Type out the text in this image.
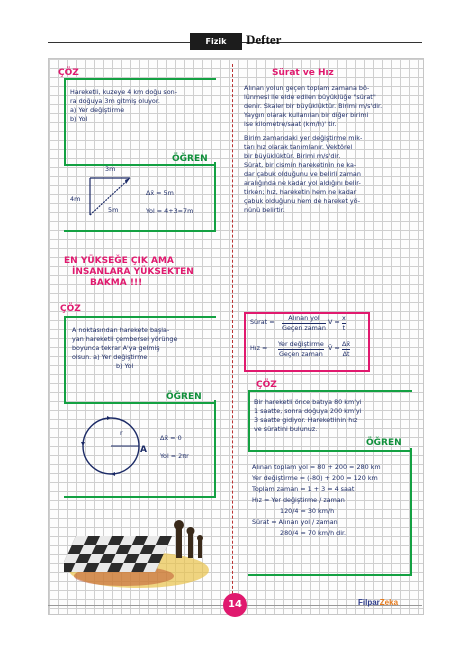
Fizik	Defter
ÇÖZ
Hareketli, kuzeye 4 km doğu son-
ra doğuya 3m gitmiş oluyor.
a) Yer değiştirme
b) Yol
ÖĞREN
3m
4m
5m
Δx̄ = 5m
Yol = 4+3=7m
EN YÜKSEĞE ÇIK AMA
İNSANLARA YÜKSEKTEN
BAKMA !!!
ÇÖZ
A noktasından harekete başla-
yan hareketli çembersel yörünge
boyunca tekrar A'ya gelmiş
olsun. a) Yer değiştirme
b) Yol
ÖĞREN
r
A
Δx̄ = 0
Yol = 2πr
Sürat ve Hız
Alınan yolun geçen toplam zamana bö-
lünmesi ile elde edilen büyüklüğe "sürat"
denir. Skaler bir büyüklüktür. Birimi m/s'dir.
Yaygın olarak kullanılan bir diğer birimi
ise kilometre/saat (km/h)' tir.
Birim zamandaki yer değiştirme mik-
tarı hız olarak tanımlanır. Vektörel
bir büyüklüktür. Birimi m/s'dir.
Sürat, bir cismin hareketinin ne ka-
dar çabuk olduğunu ve belirli zaman
aralığında ne kadar yol aldığını belir-
tirken; hız, hareketin hem ne kadar
çabuk olduğunu hem de hareket yö-
nünü belirtir.
Sürat =	Alınan yol
Geçen zaman
V = x
t
Hız = Yer değiştirme
Geçen zaman
V̄ = Δx̄
Δt
ÇÖZ
Bir hareketli önce batıya 80 km'yi
1 saatte, sonra doğuya 200 km'yi
3 saatte gidiyor. Hareketlinin hız
ve süratini bulunuz.
ÖĞREN
Alınan toplam yol = 80 + 200 = 280 km
Yer değiştirme = (-80) + 200 = 120 km
Toplam zaman = 1 + 3 = 4 saat
Hız = Yer değiştirme / zaman
120/4 = 30 km/h
Sürat = Alınan yol / zaman
280/4 = 70 km/h dir.
14	FilparZeka
